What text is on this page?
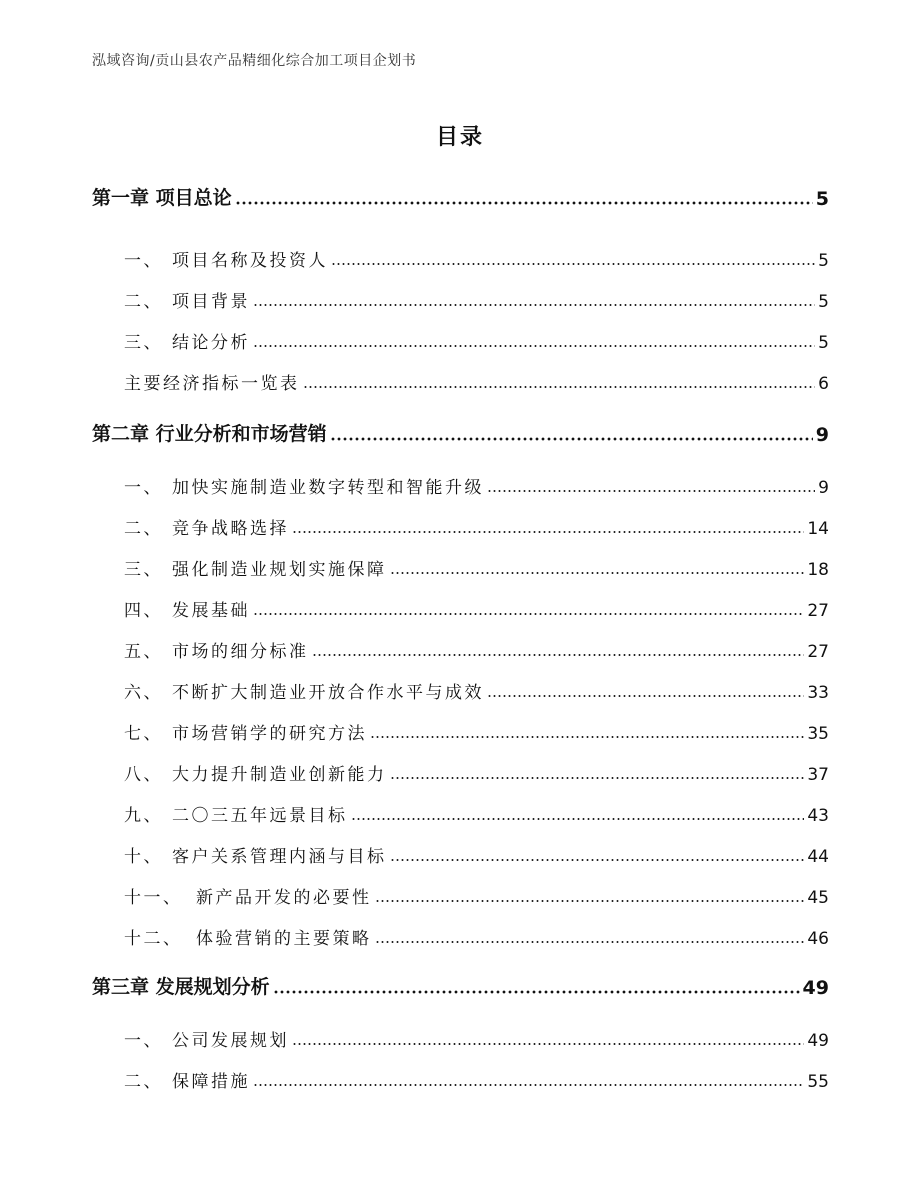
泓域咨询/贡山县农产品精细化综合加工项目企划书
目录
第一章 项目总论	5
一、 项目名称及投资人	5
二、 项目背景	5
三、 结论分析	5
主要经济指标一览表	6
第二章 行业分析和市场营销	9
一、 加快实施制造业数字转型和智能升级	9
二、 竞争战略选择	14
三、 强化制造业规划实施保障	18
四、 发展基础	27
五、 市场的细分标准	27
六、 不断扩大制造业开放合作水平与成效	33
七、 市场营销学的研究方法	35
八、 大力提升制造业创新能力	37
九、 二〇三五年远景目标	43
十、 客户关系管理内涵与目标	44
十一、 新产品开发的必要性	45
十二、 体验营销的主要策略	46
第三章 发展规划分析	49
一、 公司发展规划	49
二、 保障措施	55
